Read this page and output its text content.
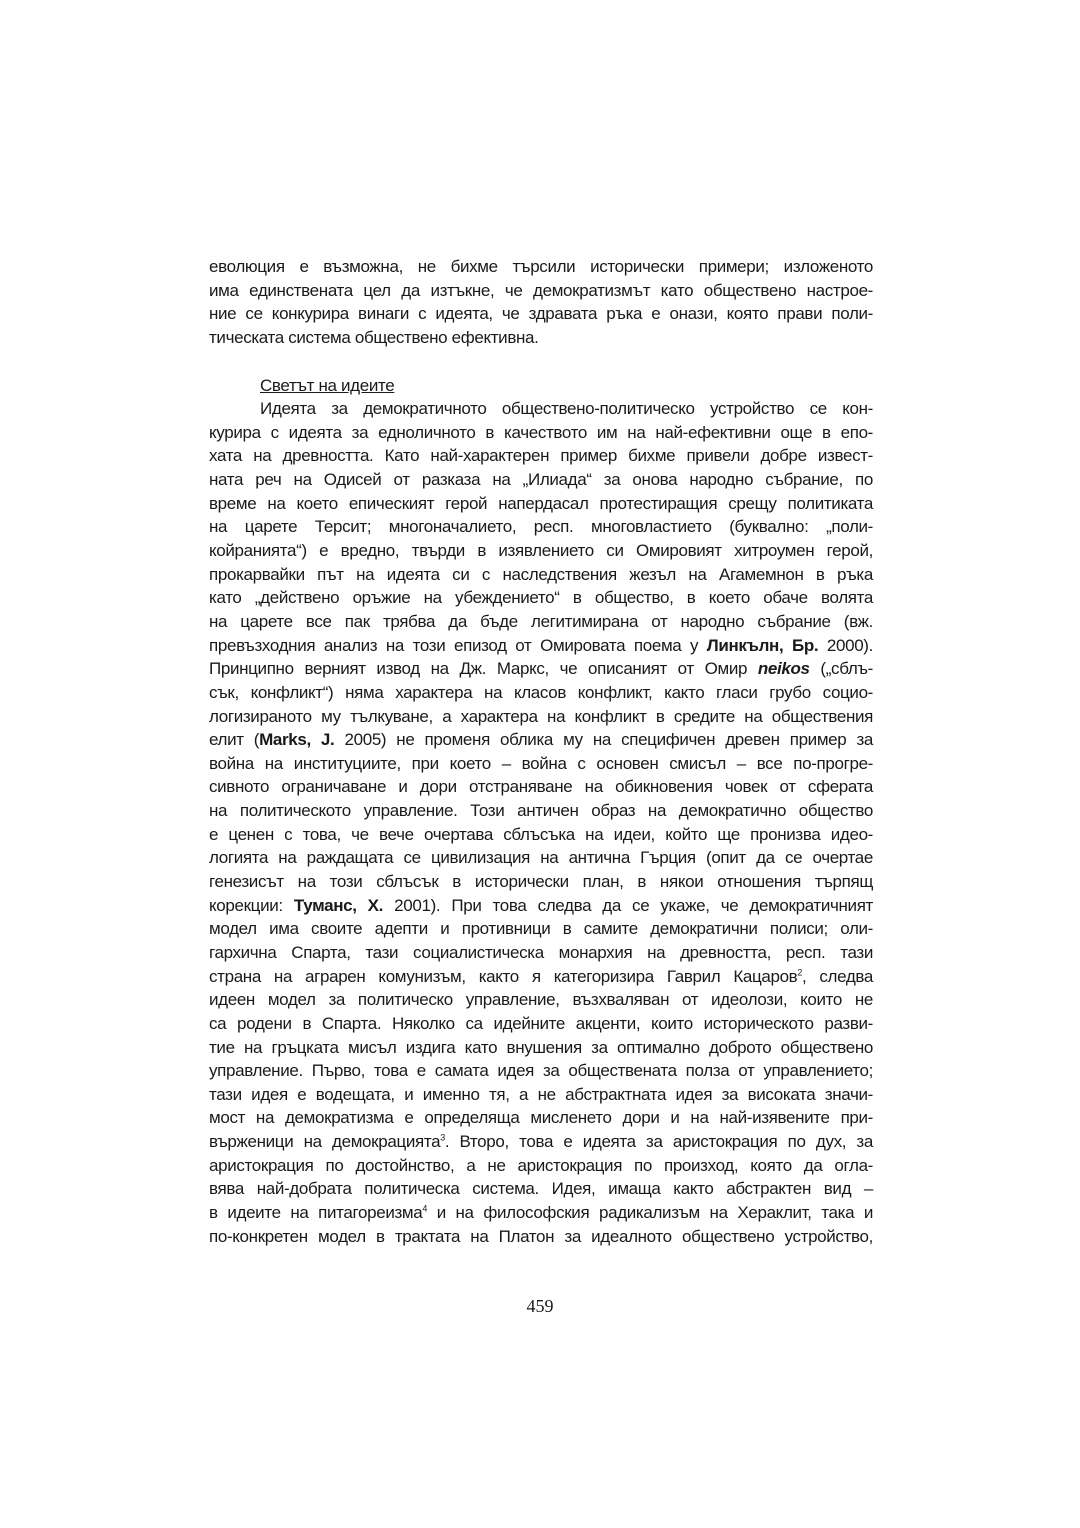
еволюция е възможна, не бихме търсили исторически примери; изложеното
има единствената цел да изтъкне, че демократизмът като обществено настрое-
ние се конкурира винаги с идеята, че здравата ръка е онази, която прави поли-
тическата система обществено ефективна.
Светът на идеите
Идеята за демократичното обществено-политическо устройство се кон-
курира с идеята за едноличното в качеството им на най-ефективни още в епо-
хата на древността. Като най-характерен пример бихме привели добре извест-
ната реч на Одисей от разказа на „Илиада“ за онова народно събрание, по
време на което епическият герой напердасал протестиращия срещу политиката
на царете Терсит; многоначалието, респ. многовластието (буквално: „поли-
койранията“) е вредно, твърди в изявлението си Омировият хитроумен герой,
прокарвайки път на идеята си с наследствения жезъл на Агамемнон в ръка
като „действено оръжие на убеждението“ в общество, в което обаче волята
на царете все пак трябва да бъде легитимирана от народно събрание (вж.
превъзходния анализ на този епизод от Омировата поема у Линкълн, Бр. 2000).
Принципно верният извод на Дж. Маркс, че описаният от Омир neikos („сблъ-
сък, конфликт“) няма характера на класов конфликт, както гласи грубо социо-
логизираното му тълкуване, а характера на конфликт в средите на обществения
елит (Marks, J. 2005) не променя облика му на специфичен древен пример за
война на институциите, при което – война с основен смисъл – все по-прогре-
сивното ограничаване и дори отстраняване на обикновения човек от сферата
на политическото управление. Този античен образ на демократично общество
е ценен с това, че вече очертава сблъсъка на идеи, който ще пронизва идео-
логията на раждащата се цивилизация на антична Гърция (опит да се очертае
генезисът на този сблъсък в исторически план, в някои отношения търпящ
корекции: Туманс, Х. 2001). При това следва да се укаже, че демократичният
модел има своите адепти и противници в самите демократични полиси; оли-
гархична Спарта, тази социалистическа монархия на древността, респ. тази
страна на аграрен комунизъм, както я категоризира Гаврил Кацаров$^2$, следва
идеен модел за политическо управление, възхваляван от идеолози, които не
са родени в Спарта. Няколко са идейните акценти, които историческото разви-
тие на гръцката мисъл издига като внушения за оптимално доброто обществено
управление. Първо, това е самата идея за обществената полза от управлението;
тази идея е водещата, и именно тя, а не абстрактната идея за високата значи-
мост на демократизма е определяща мисленето дори и на най-изявените при-
върженици на демокрацията$^3$. Второ, това е идеята за аристокрация по дух, за
аристокрация по достойнство, а не аристокрация по произход, която да огла-
вява най-добрата политическа система. Идея, имаща както абстрактен вид –
в идеите на питагореизма$^4$ и на философския радикализъм на Хераклит, така и
по-конкретен модел в трактата на Платон за идеалното обществено устройство,
459
